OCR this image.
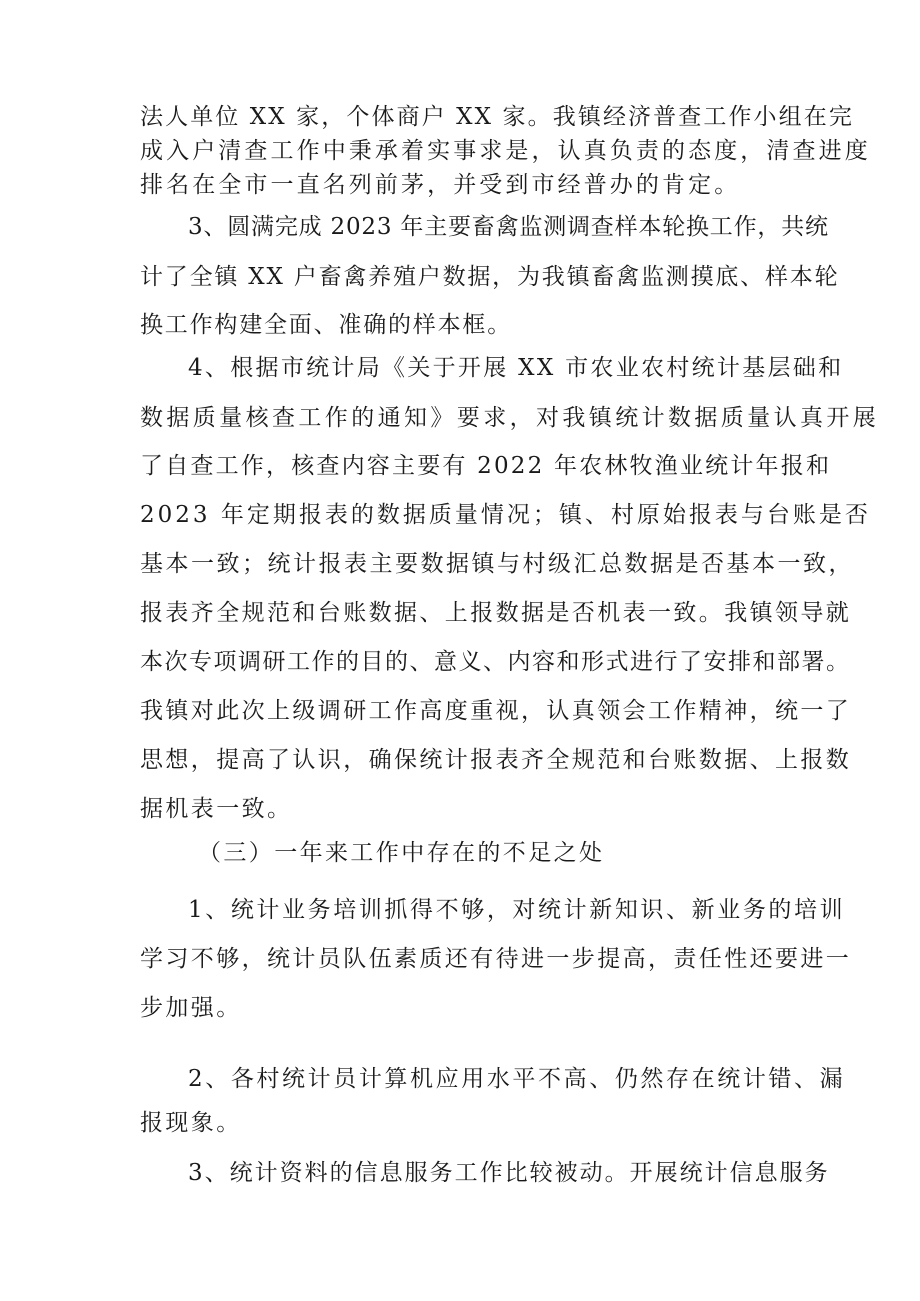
法人单位 XX 家，个体商户 XX 家。我镇经济普查工作小组在完
成入户清查工作中秉承着实事求是，认真负责的态度，清查进度
排名在全市一直名列前茅，并受到市经普办的肯定。
3、圆满完成 2023 年主要畜禽监测调查样本轮换工作，共统
计了全镇 XX 户畜禽养殖户数据，为我镇畜禽监测摸底、样本轮
换工作构建全面、准确的样本框。
4、根据市统计局《关于开展 XX 市农业农村统计基层础和
数据质量核查工作的通知》要求，对我镇统计数据质量认真开展
了自查工作，核查内容主要有 2022 年农林牧渔业统计年报和
2023 年定期报表的数据质量情况；镇、村原始报表与台账是否
基本一致；统计报表主要数据镇与村级汇总数据是否基本一致，
报表齐全规范和台账数据、上报数据是否机表一致。我镇领导就
本次专项调研工作的目的、意义、内容和形式进行了安排和部署。
我镇对此次上级调研工作高度重视，认真领会工作精神，统一了
思想，提高了认识，确保统计报表齐全规范和台账数据、上报数
据机表一致。
（三）一年来工作中存在的不足之处
1、统计业务培训抓得不够，对统计新知识、新业务的培训
学习不够，统计员队伍素质还有待进一步提高，责任性还要进一
步加强。
2、各村统计员计算机应用水平不高、仍然存在统计错、漏
报现象。
3、统计资料的信息服务工作比较被动。开展统计信息服务
